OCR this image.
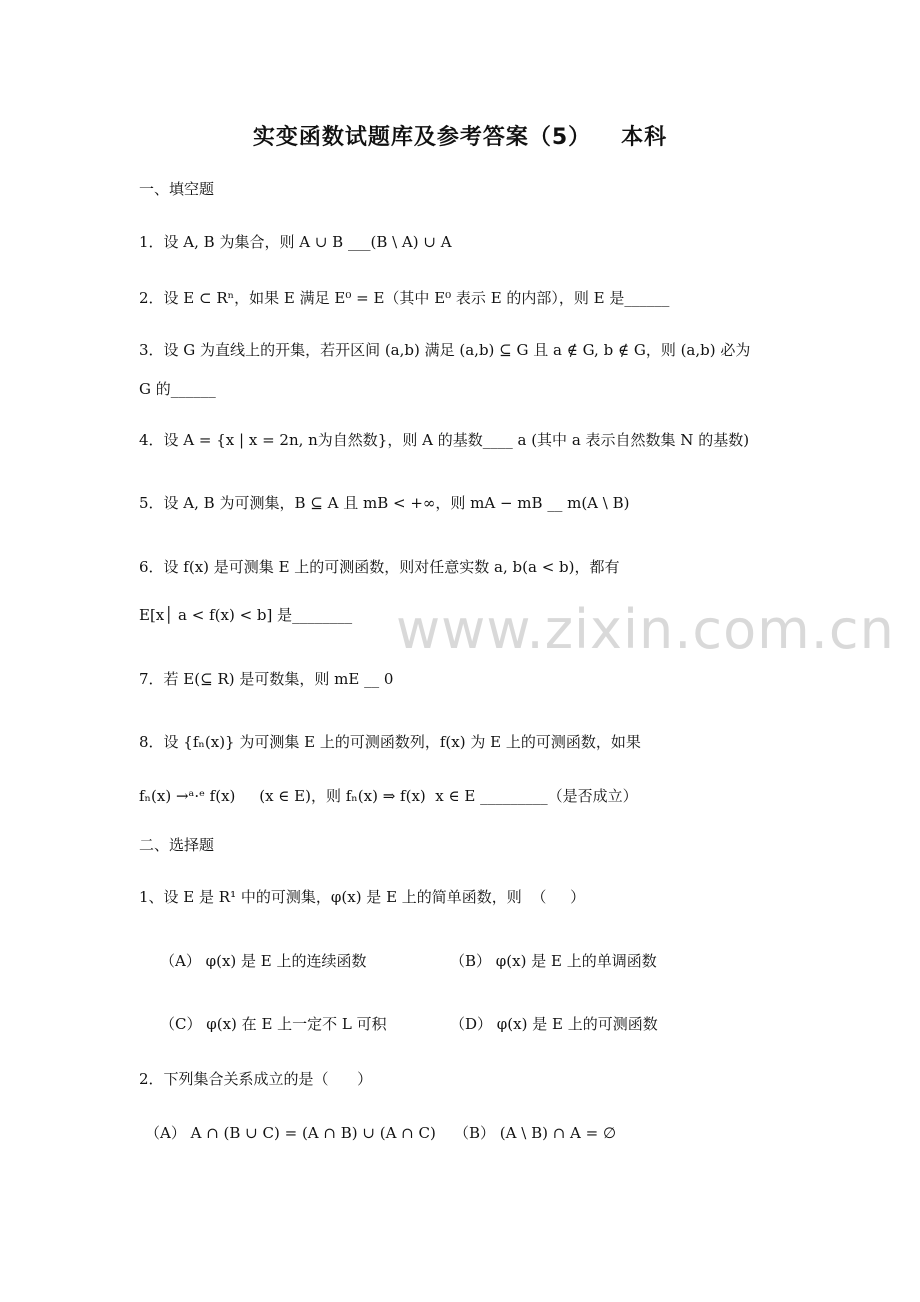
www.zixin.com.cn
实变函数试题库及参考答案（5） 本科
一、填空题
1．设 A, B 为集合，则 A ∪ B ___(B \ A) ∪ A
2．设 E ⊂ Rⁿ，如果 E 满足 E⁰ = E（其中 E⁰ 表示 E 的内部），则 E 是______
3．设 G 为直线上的开集，若开区间 (a,b) 满足 (a,b) ⊆ G 且 a ∉ G, b ∉ G，则 (a,b) 必为
G 的______
4．设 A = {x | x = 2n, n为自然数}，则 A 的基数____ a (其中 a 表示自然数集 N 的基数)
5．设 A, B 为可测集，B ⊆ A 且 mB < +∞，则 mA − mB __ m(A \ B)
6．设 f(x) 是可测集 E 上的可测函数，则对任意实数 a, b(a < b)，都有
E[x│ a < f(x) < b] 是________
7．若 E(⊆ R) 是可数集，则 mE __ 0
8．设 {fₙ(x)} 为可测集 E 上的可测函数列，f(x) 为 E 上的可测函数，如果
fₙ(x) →ᵃ·ᵉ f(x)     (x ∈ E)，则 fₙ(x) ⇒ f(x)  x ∈ E _________（是否成立）
二、选择题
1、设 E 是 R¹ 中的可测集，φ(x) 是 E 上的简单函数，则  （     ）
（A） φ(x) 是 E 上的连续函数	（B） φ(x) 是 E 上的单调函数
（C） φ(x) 在 E 上一定不 L 可积	（D） φ(x) 是 E 上的可测函数
2．下列集合关系成立的是（      ）
（A） A ∩ (B ∪ C) = (A ∩ B) ∪ (A ∩ C) （B） (A \ B) ∩ A = ∅
